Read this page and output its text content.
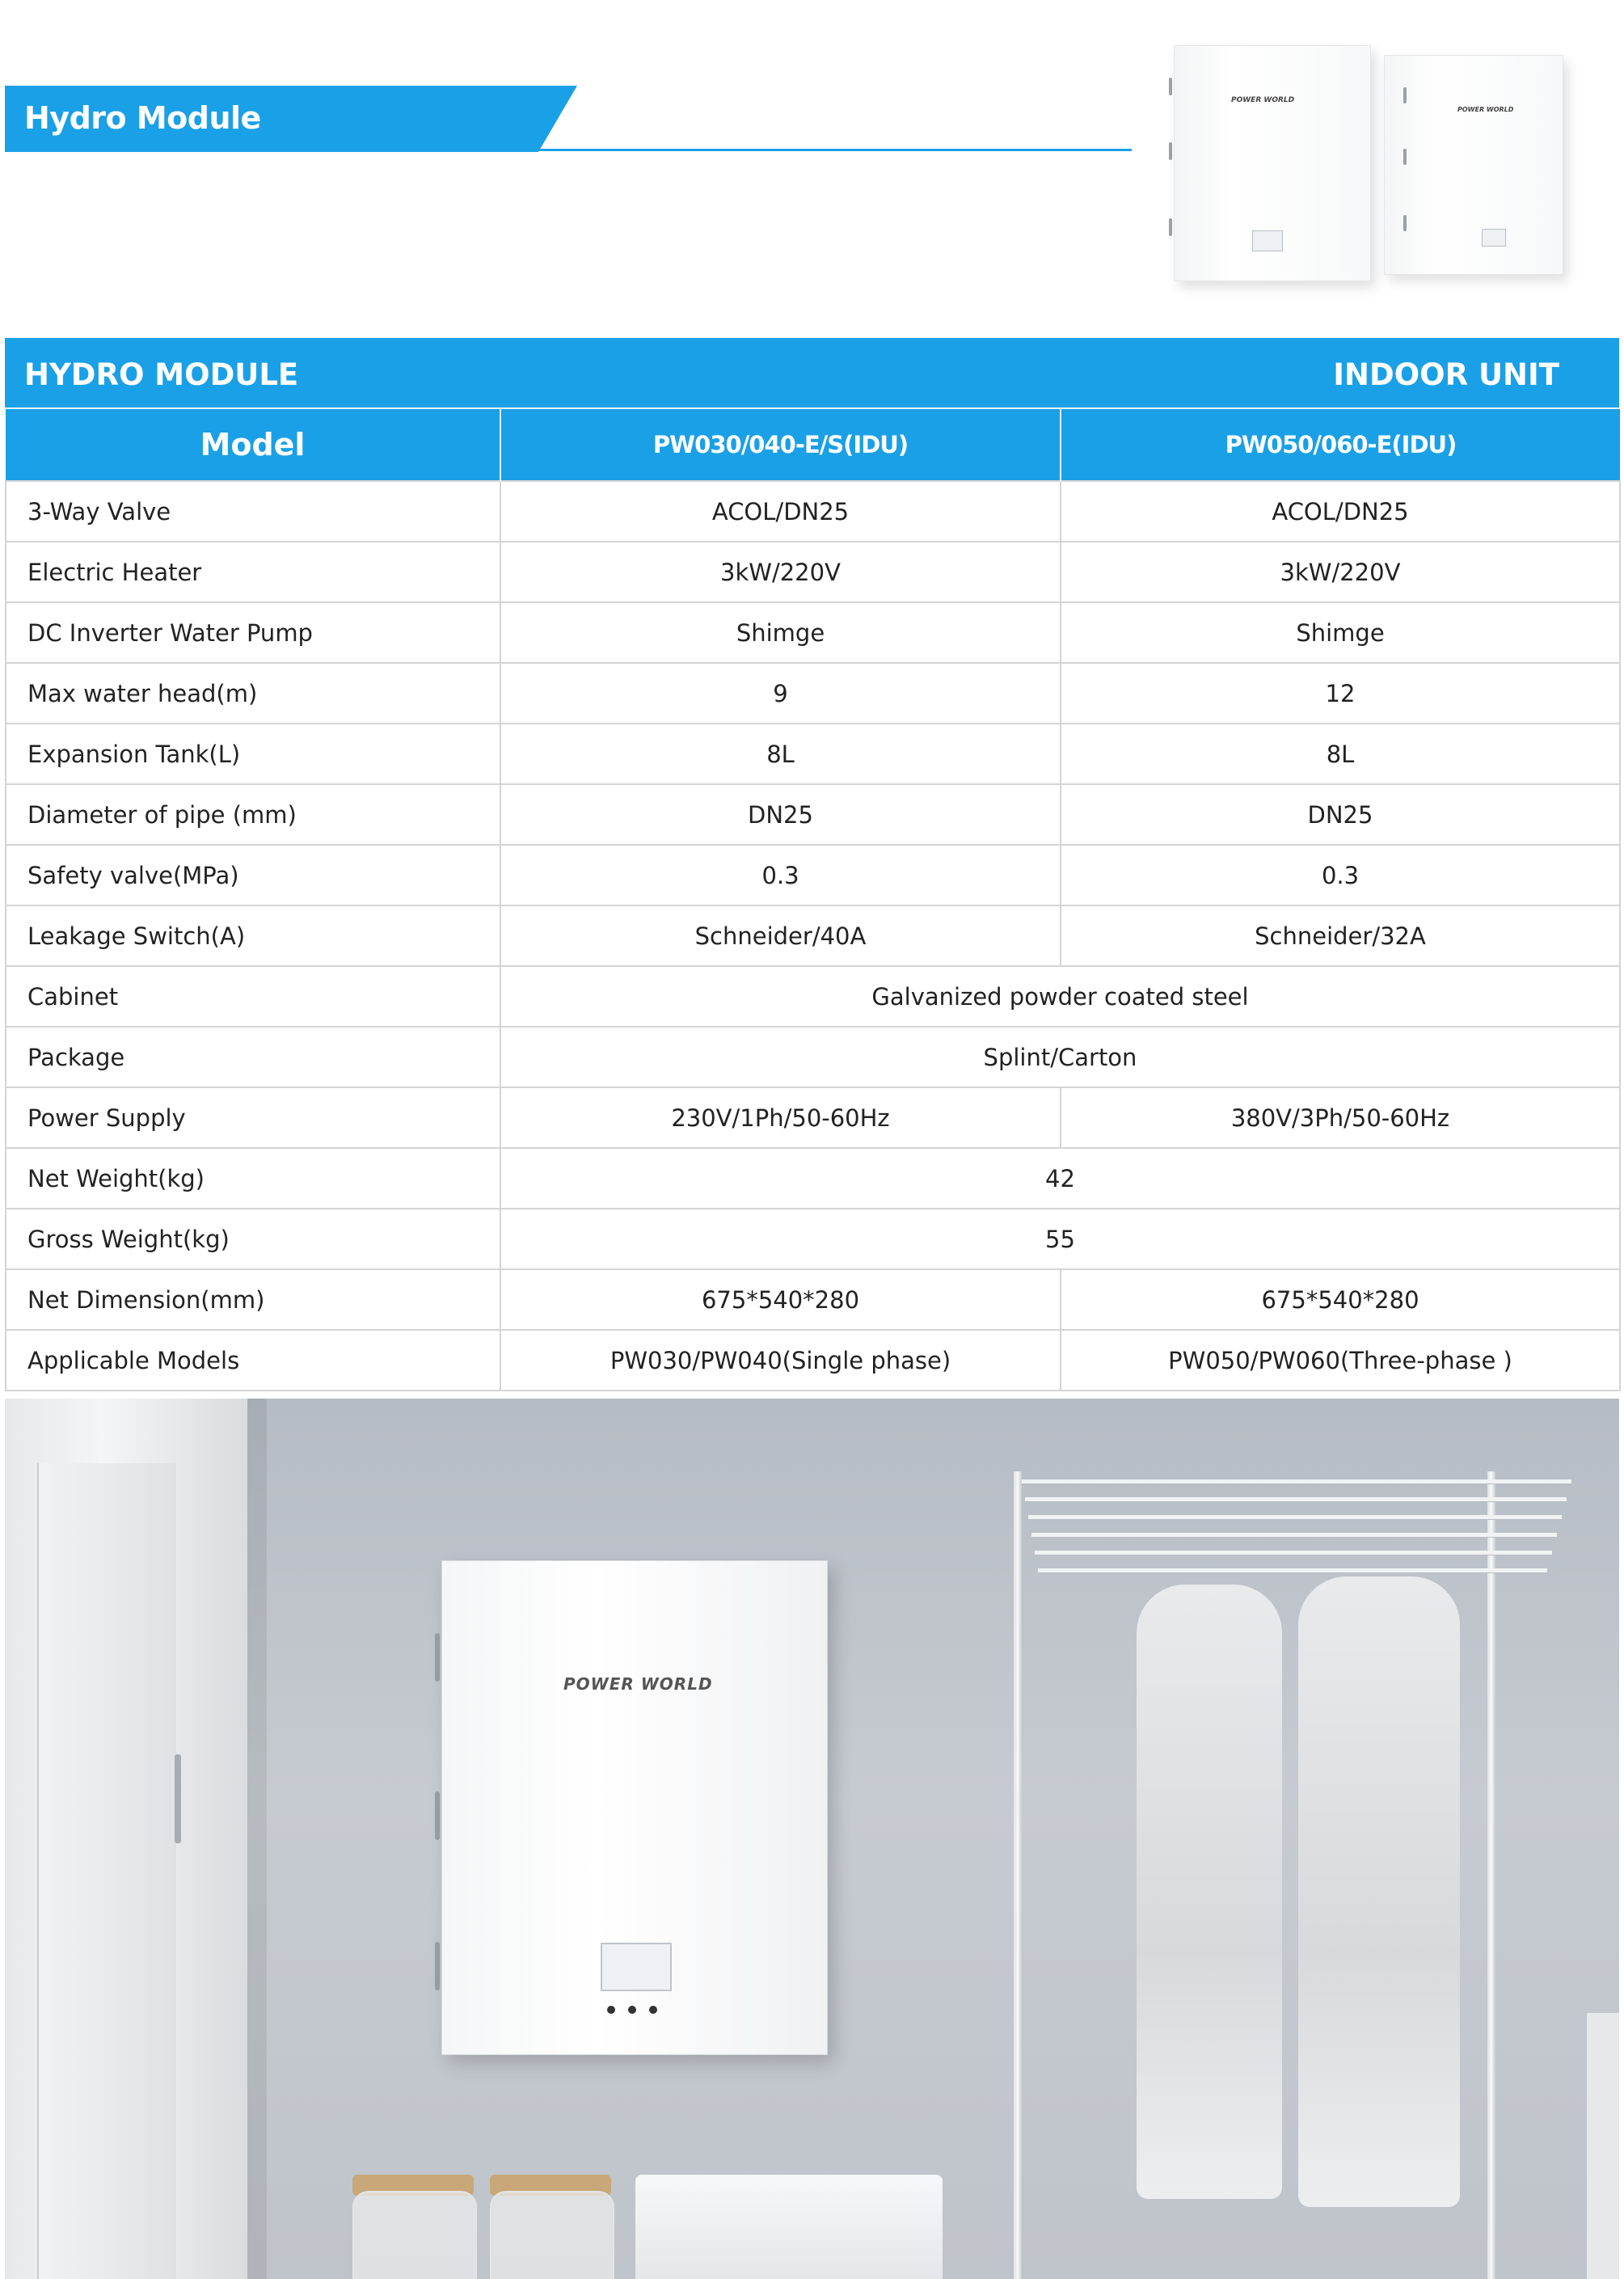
Hydro Module	POWER WORLD
POWER WORLD
HYDRO MODULE	INDOOR UNIT
Model	PW030/040-E/S(IDU)	PW050/060-E(IDU)
3-Way Valve	ACOL/DN25	ACOL/DN25
Electric Heater	3kW/220V	3kW/220V
DC Inverter Water Pump	Shimge	Shimge
Max water head(m)	9	12
Expansion Tank(L)	8L	8L
Diameter of pipe (mm)	DN25	DN25
Safety valve(MPa)	0.3	0.3
Leakage Switch(A)	Schneider/40A	Schneider/32A
Cabinet	Galvanized powder coated steel	
Package	Splint/Carton	
Power Supply	230V/1Ph/50-60Hz	380V/3Ph/50-60Hz
Net Weight(kg)	42	
Gross Weight(kg)	55	
Net Dimension(mm)	675*540*280	675*540*280
Applicable Models	PW030/PW040(Single phase)	PW050/PW060(Three-phase )
POWER WORLD
